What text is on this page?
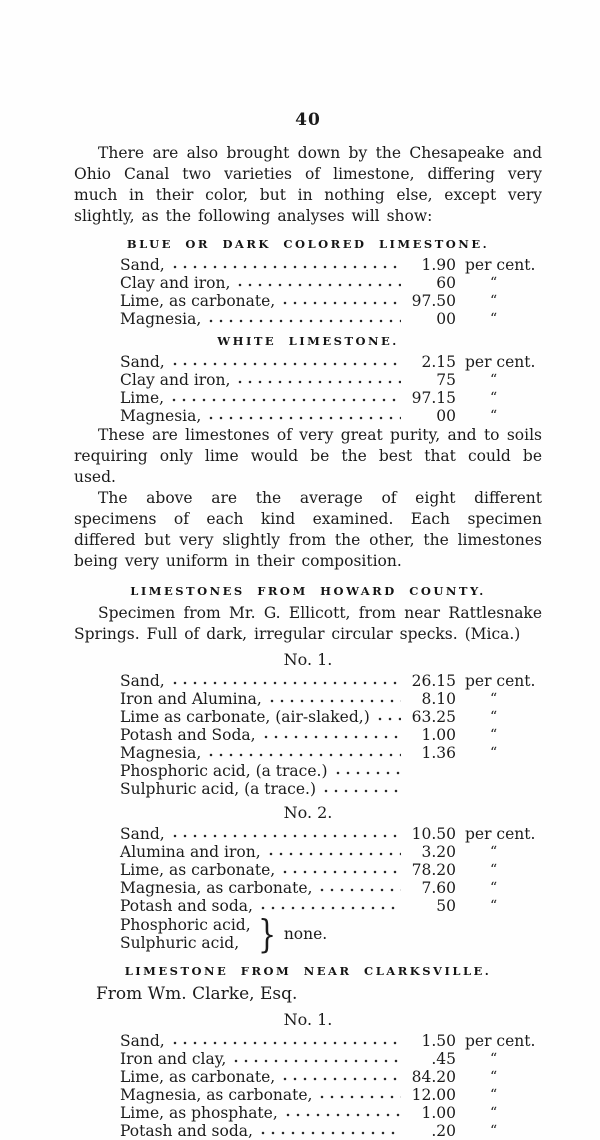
40

There are also brought down by the Chesapeake and Ohio Canal two varieties of limestone, differing very much in their color, but in nothing else, except very slightly, as the following analyses will show:

BLUE OR DARK COLORED LIMESTONE.
Sand,	1.90 per cent.
Clay and iron,	60	“
Lime, as carbonate,	97.50	“
Magnesia,	00	“
WHITE LIMESTONE.
Sand,	2.15 per cent.
Clay and iron,	75	“
Lime,	97.15	“
Magnesia,	00	“

These are limestones of very great purity, and to soils requiring only lime would be the best that could be used.

The above are the average of eight different specimens of each kind examined. Each specimen differed but very slightly from the other, the limestones being very uniform in their composition.

LIMESTONES FROM HOWARD COUNTY.

Specimen from Mr. G. Ellicott, from near Rattlesnake Springs. Full of dark, irregular circular specks. (Mica.)

No. 1.
Sand,	26.15 per cent.
Iron and Alumina,	8.10	“
Lime as carbonate, (air-slaked,)	63.25	“
Potash and Soda,	1.00	“
Magnesia,	1.36	“
Phosphoric acid, (a trace.)
Sulphuric acid, (a trace.)
No. 2.
Sand,	10.50 per cent.
Alumina and iron,	3.20	“
Lime, as carbonate,	78.20	“
Magnesia, as carbonate,	7.60	“
Potash and soda,	50	“
Phosphoric acid,
Sulphuric acid, } none.
LIMESTONE FROM NEAR CLARKSVILLE.
From Wm. Clarke, Esq.
No. 1.
Sand,	1.50 per cent.
Iron and clay,	.45	“
Lime, as carbonate,	84.20	“
Magnesia, as carbonate,	12.00	“
Lime, as phosphate,	1.00	“
Potash and soda,	.20	“
